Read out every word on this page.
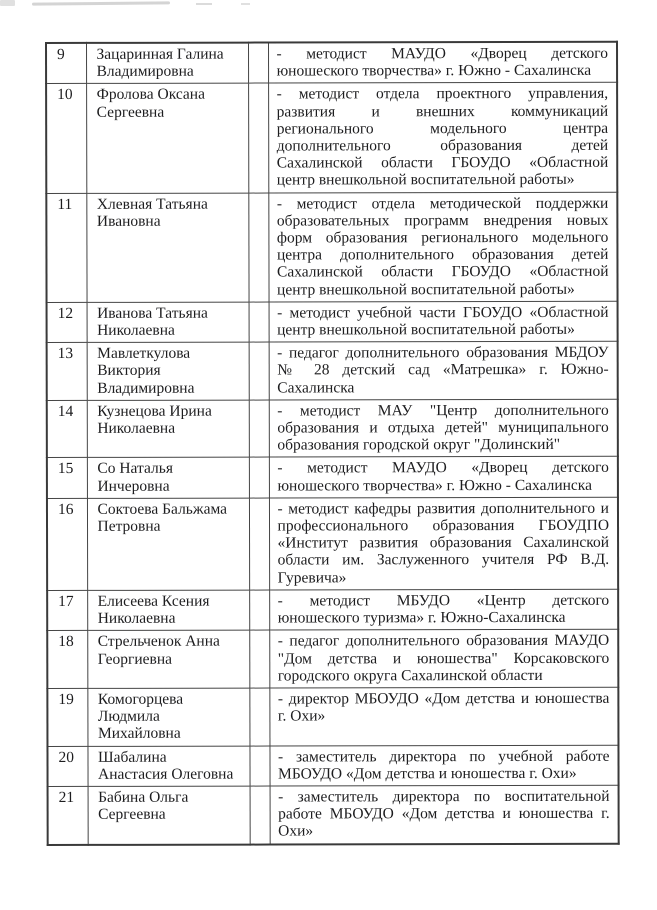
9	Зацаринная Галина
Владимировна

- методист МАУДО «Дворец детского
юношеского творчества» г. Южно - Сахалинска

10	Фролова Оксана
Сергеевна

- методист отдела проектного управления,
развития и внешних коммуникаций
регионального модельного центра
дополнительного образования детей
Сахалинской области ГБОУДО «Областной
центр внешкольной воспитательной работы»

11	Хлевная Татьяна
Ивановна

- методист отдела методической поддержки
образовательных программ внедрения новых
форм образования регионального модельного
центра дополнительного образования детей
Сахалинской области ГБОУДО «Областной
центр внешкольной воспитательной работы»

12	Иванова Татьяна
Николаевна

- методист учебной части ГБОУДО «Областной
центр внешкольной воспитательной работы»

13	Мавлеткулова
Виктория
Владимировна

- педагог дополнительного образования МБДОУ
№ 28 детский сад «Матрешка» г. Южно-
Сахалинска

14	Кузнецова Ирина
Николаевна

- методист МАУ "Центр дополнительного
образования и отдыха детей" муниципального
образования городской округ "Долинский"

15	Со Наталья
Инчеровна

- методист МАУДО «Дворец детского
юношеского творчества» г. Южно - Сахалинска

16	Соктоева Бальжама
Петровна

- методист кафедры развития дополнительного и
профессионального образования ГБОУДПО
«Институт развития образования Сахалинской
области им. Заслуженного учителя РФ В.Д.
Гуревича»

17	Елисеева Ксения
Николаевна

- методист МБУДО «Центр детского
юношеского туризма» г. Южно-Сахалинска

18	Стрельченок Анна
Георгиевна

- педагог дополнительного образования МАУДО
"Дом детства и юношества" Корсаковского
городского округа Сахалинской области

19	Комогорцева
Людмила
Михайловна

- директор МБОУДО «Дом детства и юношества
г. Охи»

20	Шабалина
Анастасия Олеговна

- заместитель директора по учебной работе
МБОУДО «Дом детства и юношества г. Охи»

21	Бабина Ольга
Сергеевна

- заместитель директора по воспитательной
работе МБОУДО «Дом детства и юношества г.
Охи»
